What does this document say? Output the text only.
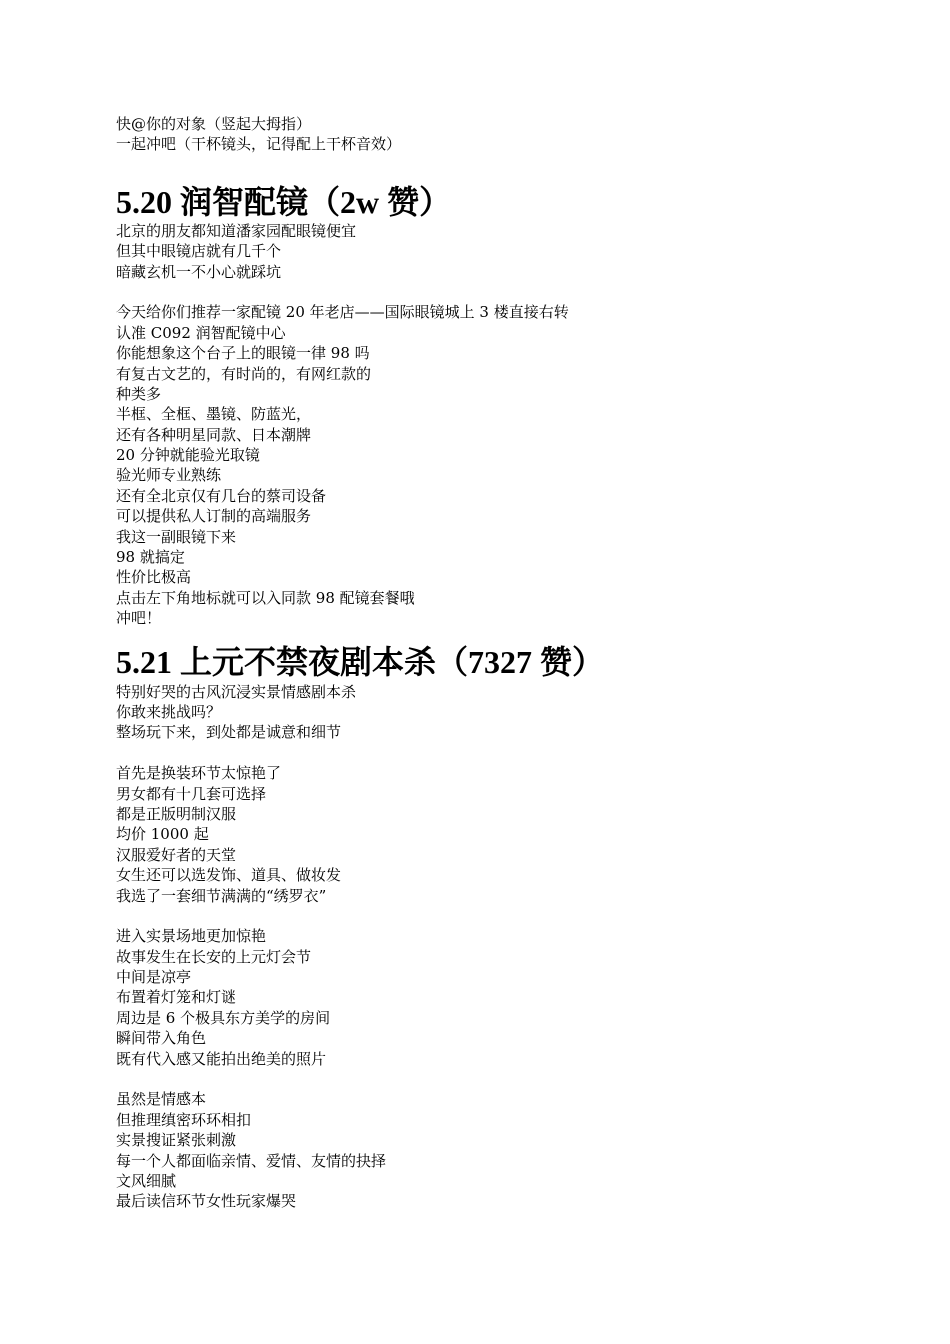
快@你的对象（竖起大拇指）
一起冲吧（干杯镜头，记得配上干杯音效）
5.20 润智配镜（2w 赞）
北京的朋友都知道潘家园配眼镜便宜
但其中眼镜店就有几千个
暗藏玄机一不小心就踩坑
今天给你们推荐一家配镜 20 年老店——国际眼镜城上 3 楼直接右转
认准 C092 润智配镜中心
你能想象这个台子上的眼镜一律 98 吗
有复古文艺的，有时尚的，有网红款的
种类多
半框、全框、墨镜、防蓝光，
还有各种明星同款、日本潮牌
20 分钟就能验光取镜
验光师专业熟练
还有全北京仅有几台的蔡司设备
可以提供私人订制的高端服务
我这一副眼镜下来
98 就搞定
性价比极高
点击左下角地标就可以入同款 98 配镜套餐哦
冲吧！
5.21 上元不禁夜剧本杀（7327 赞）
特别好哭的古风沉浸实景情感剧本杀
你敢来挑战吗？
整场玩下来，到处都是诚意和细节
首先是换装环节太惊艳了
男女都有十几套可选择
都是正版明制汉服
均价 1000 起
汉服爱好者的天堂
女生还可以选发饰、道具、做妆发
我选了一套细节满满的“绣罗衣”
进入实景场地更加惊艳
故事发生在长安的上元灯会节
中间是凉亭
布置着灯笼和灯谜
周边是 6 个极具东方美学的房间
瞬间带入角色
既有代入感又能拍出绝美的照片
虽然是情感本
但推理缜密环环相扣
实景搜证紧张刺激
每一个人都面临亲情、爱情、友情的抉择
文风细腻
最后读信环节女性玩家爆哭
